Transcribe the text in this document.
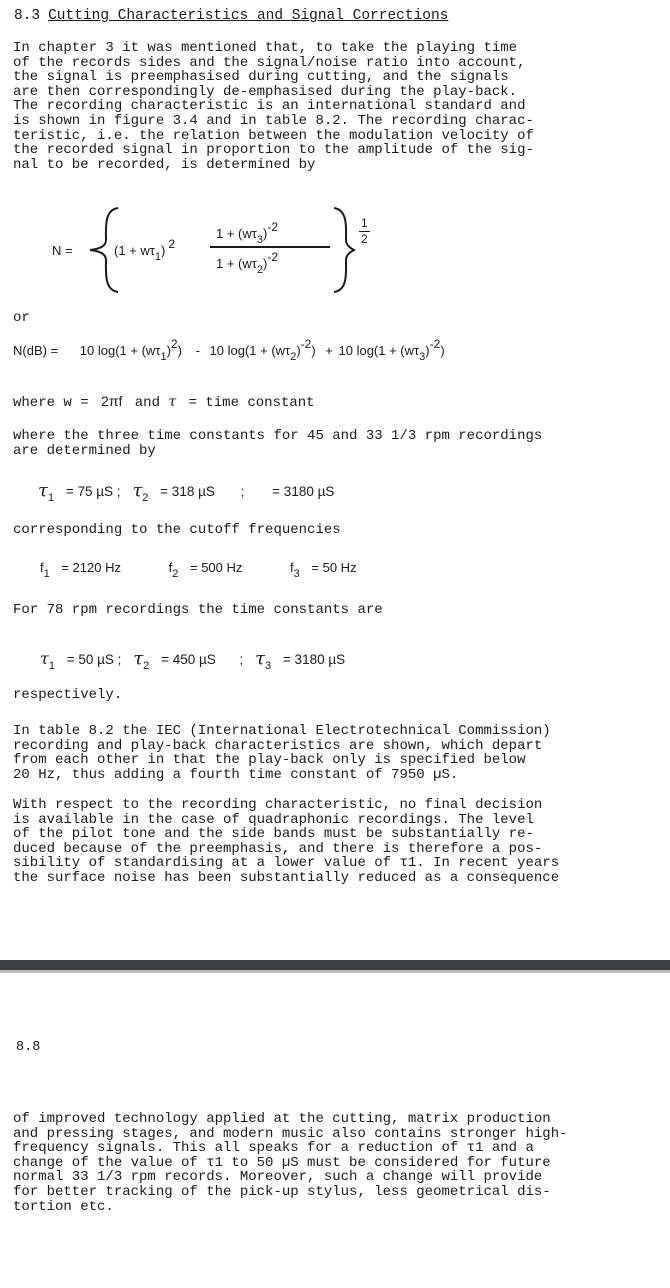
8.3 Cutting Characteristics and Signal Corrections
In chapter 3 it was mentioned that, to take the playing time
of the records sides and the signal/noise ratio into account,
the signal is preemphasised during cutting, and the signals
are then correspondingly de-emphasised during the play-back.
The recording characteristic is an international standard and
is shown in figure 3.4 and in table 8.2. The recording charac-
teristic, i.e. the relation between the modulation velocity of
the recorded signal in proportion to the amplitude of the sig-
nal to be recorded, is determined by
N =	$(1 + w\tau_1)$ 2
$1 + (w\tau_3)-2$
$1 + (w\tau_2)-2$
1
2
or
N(dB) = 10 $\log(1 + (w\tau_1)2) - 10$ $\log(1 + (w\tau_2)-2) + 10$ $\log(1 + (w\tau_3)-2)$
where w = 2πf and τ = time constant
where the three time constants for 45 and 33 1/3 rpm recordings
are determined by
$\tau_1 = 75$ µS ; $\tau_2 = 318$ µS ; = 3180 µS
corresponding to the cutoff frequencies
$f_1 = 2120$ Hz	$f_2 = 500$ Hz	$f_3 = 50$ Hz
For 78 rpm recordings the time constants are
$\tau_1 = 50$ µS ; $\tau_2 = 450$ µS ; $\tau_3 = 3180$ µS
respectively.
In table 8.2 the IEC (International Electrotechnical Commission)
recording and play-back characteristics are shown, which depart
from each other in that the play-back only is specified below
20 Hz, thus adding a fourth time constant of 7950 µS.
With respect to the recording characteristic, no final decision
is available in the case of quadraphonic recordings. The level
of the pilot tone and the side bands must be substantially re-
duced because of the preemphasis, and there is therefore a pos-
sibility of standardising at a lower value of τ1. In recent years
the surface noise has been substantially reduced as a consequence
8.8
of improved technology applied at the cutting, matrix production
and pressing stages, and modern music also contains stronger high-
frequency signals. This all speaks for a reduction of τ1 and a
change of the value of τ1 to 50 µS must be considered for future
normal 33 1/3 rpm records. Moreover, such a change will provide
for better tracking of the pick-up stylus, less geometrical dis-
tortion etc.
